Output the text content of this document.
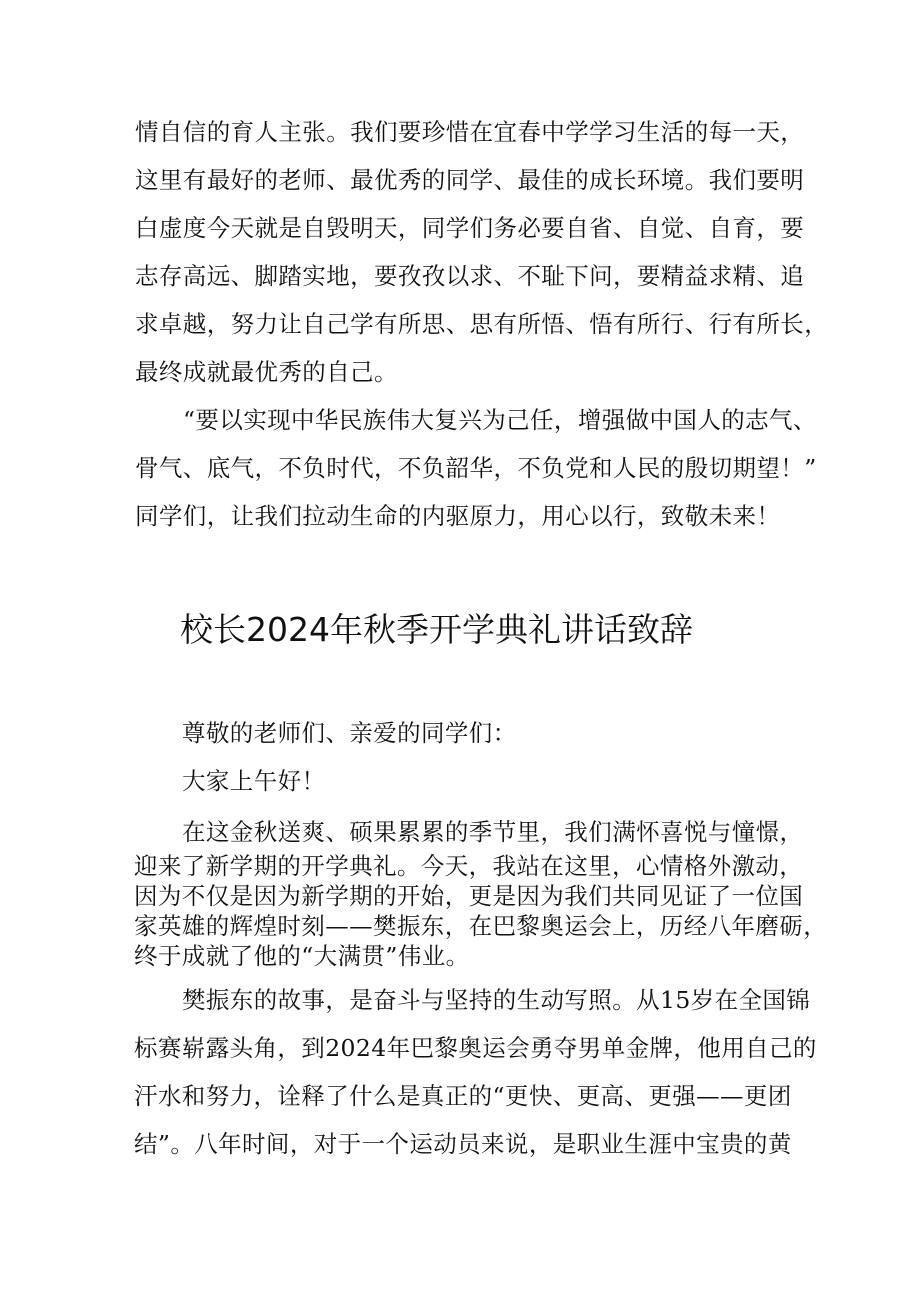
情自信的育人主张。我们要珍惜在宜春中学学习生活的每一天，

这里有最好的老师、最优秀的同学、最佳的成长环境。我们要明

白虚度今天就是自毁明天，同学们务必要自省、自觉、自育，要

志存高远、脚踏实地，要孜孜以求、不耻下问，要精益求精、追

求卓越，努力让自己学有所思、思有所悟、悟有所行、行有所长，

最终成就最优秀的自己。

“要以实现中华民族伟大复兴为己任，增强做中国人的志气、

骨气、底气，不负时代，不负韶华，不负党和人民的殷切期望！”

同学们，让我们拉动生命的内驱原力，用心以行，致敬未来！

校长2024年秋季开学典礼讲话致辞

尊敬的老师们、亲爱的同学们：

大家上午好！

在这金秋送爽、硕果累累的季节里，我们满怀喜悦与憧憬，

迎来了新学期的开学典礼。今天，我站在这里，心情格外激动，

因为不仅是因为新学期的开始，更是因为我们共同见证了一位国

家英雄的辉煌时刻——樊振东，在巴黎奥运会上，历经八年磨砺，

终于成就了他的“大满贯”伟业。

樊振东的故事，是奋斗与坚持的生动写照。从15岁在全国锦

标赛崭露头角，到2024年巴黎奥运会勇夺男单金牌，他用自己的

汗水和努力，诠释了什么是真正的“更快、更高、更强——更团

结”。八年时间，对于一个运动员来说，是职业生涯中宝贵的黄
